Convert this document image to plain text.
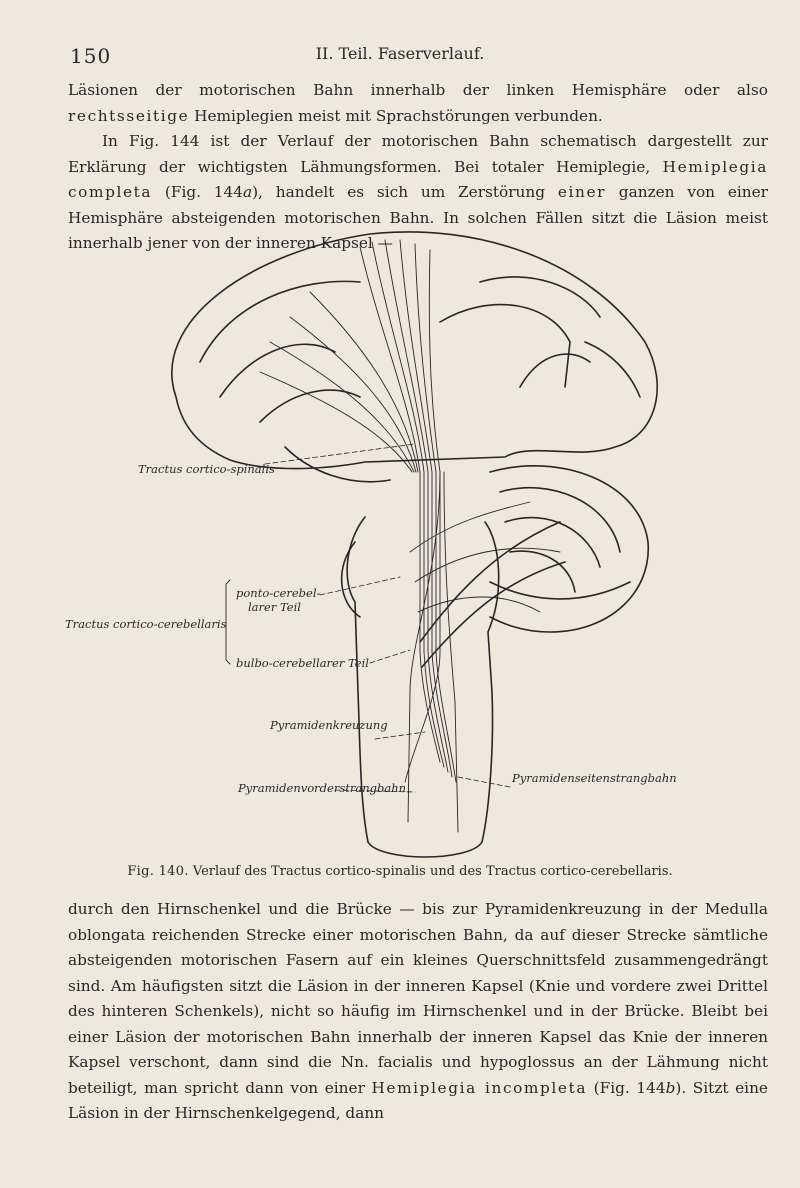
150	II. Teil. Faserverlauf.

Läsionen der motorischen Bahn innerhalb der linken Hemisphäre oder also rechtsseitige Hemiplegien meist mit Sprachstörungen verbunden.
In Fig. 144 ist der Verlauf der motorischen Bahn schematisch dargestellt zur Erklärung der wichtigsten Lähmungsformen. Bei totaler Hemiplegie, Hemiplegia completa (Fig. 144a), handelt es sich um Zerstörung einer ganzen von einer Hemisphäre absteigenden motorischen Bahn. In solchen Fällen sitzt die Läsion meist innerhalb jener von der inneren Kapsel —

Tractus cortico-spinalis
Tractus cortico-cerebellaris
ponto-cerebel-
larer Teil
bulbo-cerebellarer Teil
Pyramidenkreuzung
Pyramidenvorderstrangbahn
Pyramidenseitenstrangbahn
Fig. 140. Verlauf des Tractus cortico-spinalis und des Tractus cortico-cerebellaris.

durch den Hirnschenkel und die Brücke — bis zur Pyramidenkreuzung in der Medulla oblongata reichenden Strecke einer motorischen Bahn, da auf dieser Strecke sämtliche absteigenden motorischen Fasern auf ein kleines Querschnittsfeld zusammengedrängt sind. Am häufigsten sitzt die Läsion in der inneren Kapsel (Knie und vordere zwei Drittel des hinteren Schenkels), nicht so häufig im Hirnschenkel und in der Brücke. Bleibt bei einer Läsion der motorischen Bahn innerhalb der inneren Kapsel das Knie der inneren Kapsel verschont, dann sind die Nn. facialis und hypoglossus an der Lähmung nicht beteiligt, man spricht dann von einer Hemiplegia incompleta (Fig. 144b). Sitzt eine Läsion in der Hirnschenkelgegend, dann
